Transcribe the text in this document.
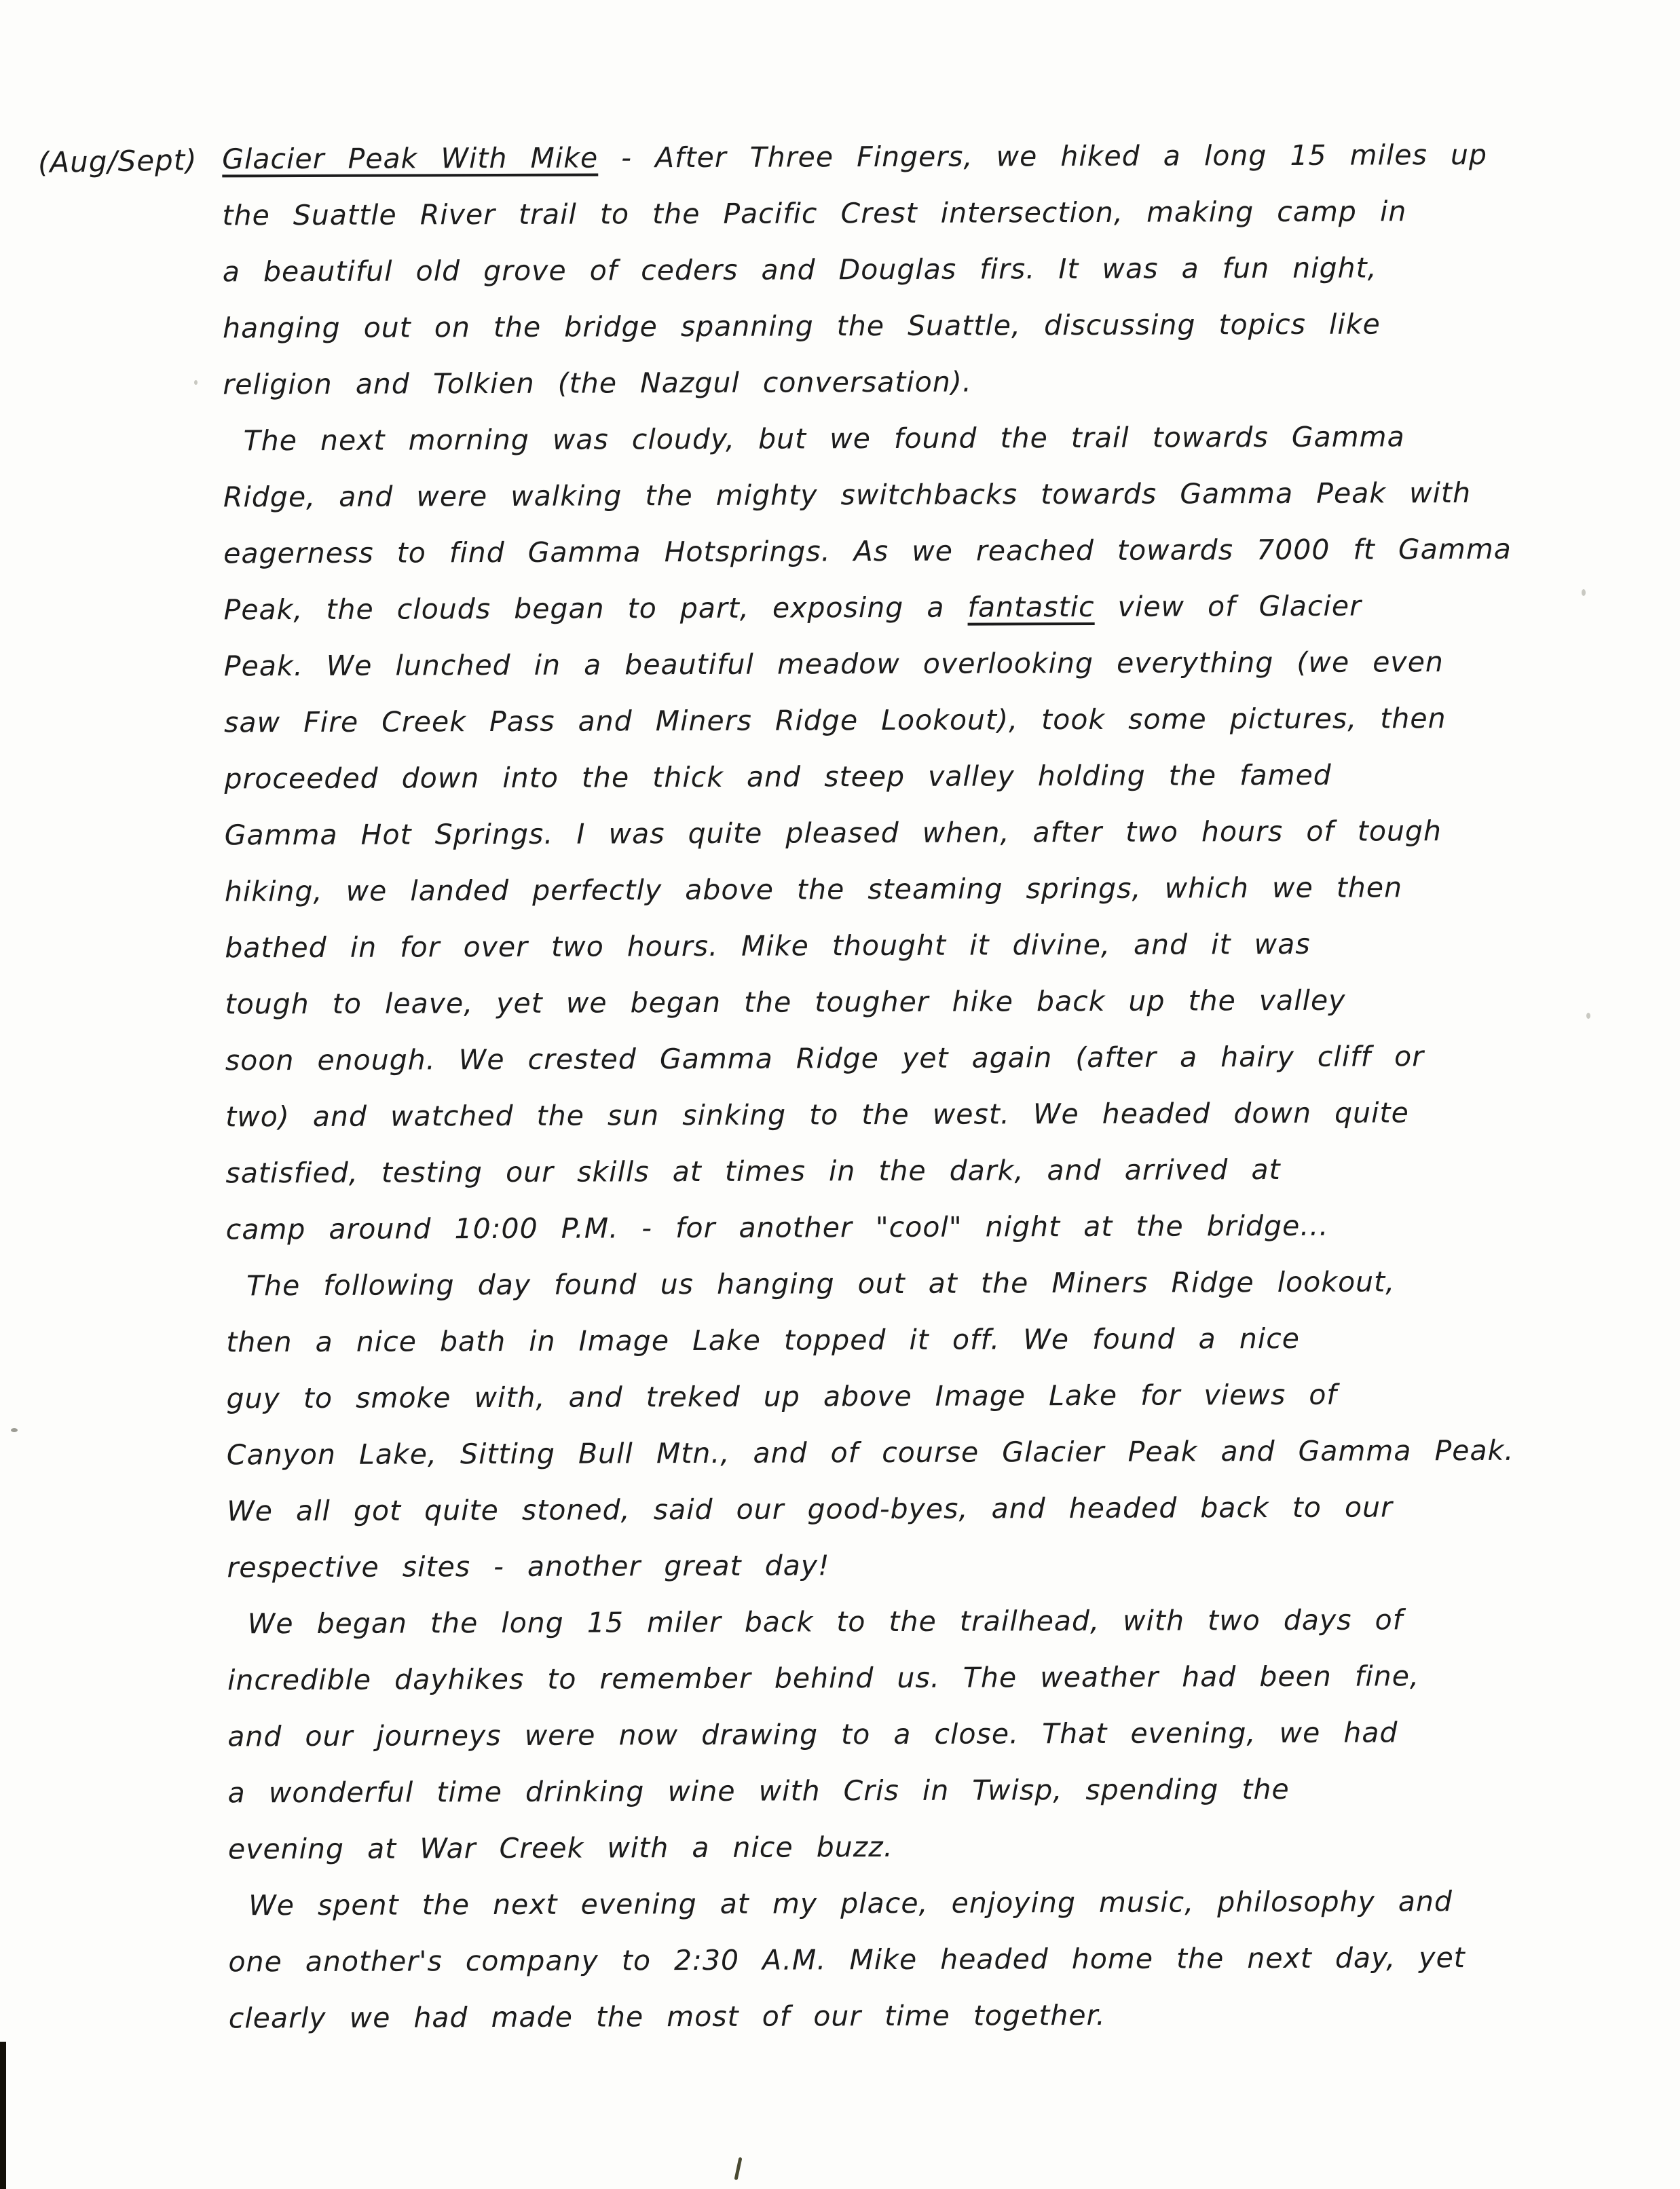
(Aug/Sept) Glacier Peak With Mike - After Three Fingers, we hiked a long 15 miles up
the Suattle River trail to the Pacific Crest intersection, making camp in
a beautiful old grove of ceders and Douglas firs. It was a fun night,
hanging out on the bridge spanning the Suattle, discussing topics like
religion and Tolkien (the Nazgul conversation).
The next morning was cloudy, but we found the trail towards Gamma
Ridge, and were walking the mighty switchbacks towards Gamma Peak with
eagerness to find Gamma Hotsprings. As we reached towards 7000 ft Gamma
Peak, the clouds began to part, exposing a fantastic view of Glacier
Peak. We lunched in a beautiful meadow overlooking everything (we even
saw Fire Creek Pass and Miners Ridge Lookout), took some pictures, then
proceeded down into the thick and steep valley holding the famed
Gamma Hot Springs. I was quite pleased when, after two hours of tough
hiking, we landed perfectly above the steaming springs, which we then
bathed in for over two hours. Mike thought it divine, and it was
tough to leave, yet we began the tougher hike back up the valley
soon enough. We crested Gamma Ridge yet again (after a hairy cliff or
two) and watched the sun sinking to the west. We headed down quite
satisfied, testing our skills at times in the dark, and arrived at
camp around 10:00 P.M. - for another "cool" night at the bridge...
The following day found us hanging out at the Miners Ridge lookout,
then a nice bath in Image Lake topped it off. We found a nice
guy to smoke with, and treked up above Image Lake for views of
Canyon Lake, Sitting Bull Mtn., and of course Glacier Peak and Gamma Peak.
We all got quite stoned, said our good-byes, and headed back to our
respective sites - another great day!
We began the long 15 miler back to the trailhead, with two days of
incredible dayhikes to remember behind us. The weather had been fine,
and our journeys were now drawing to a close. That evening, we had
a wonderful time drinking wine with Cris in Twisp, spending the
evening at War Creek with a nice buzz.
We spent the next evening at my place, enjoying music, philosophy and
one another's company to 2:30 A.M. Mike headed home the next day, yet
clearly we had made the most of our time together.
